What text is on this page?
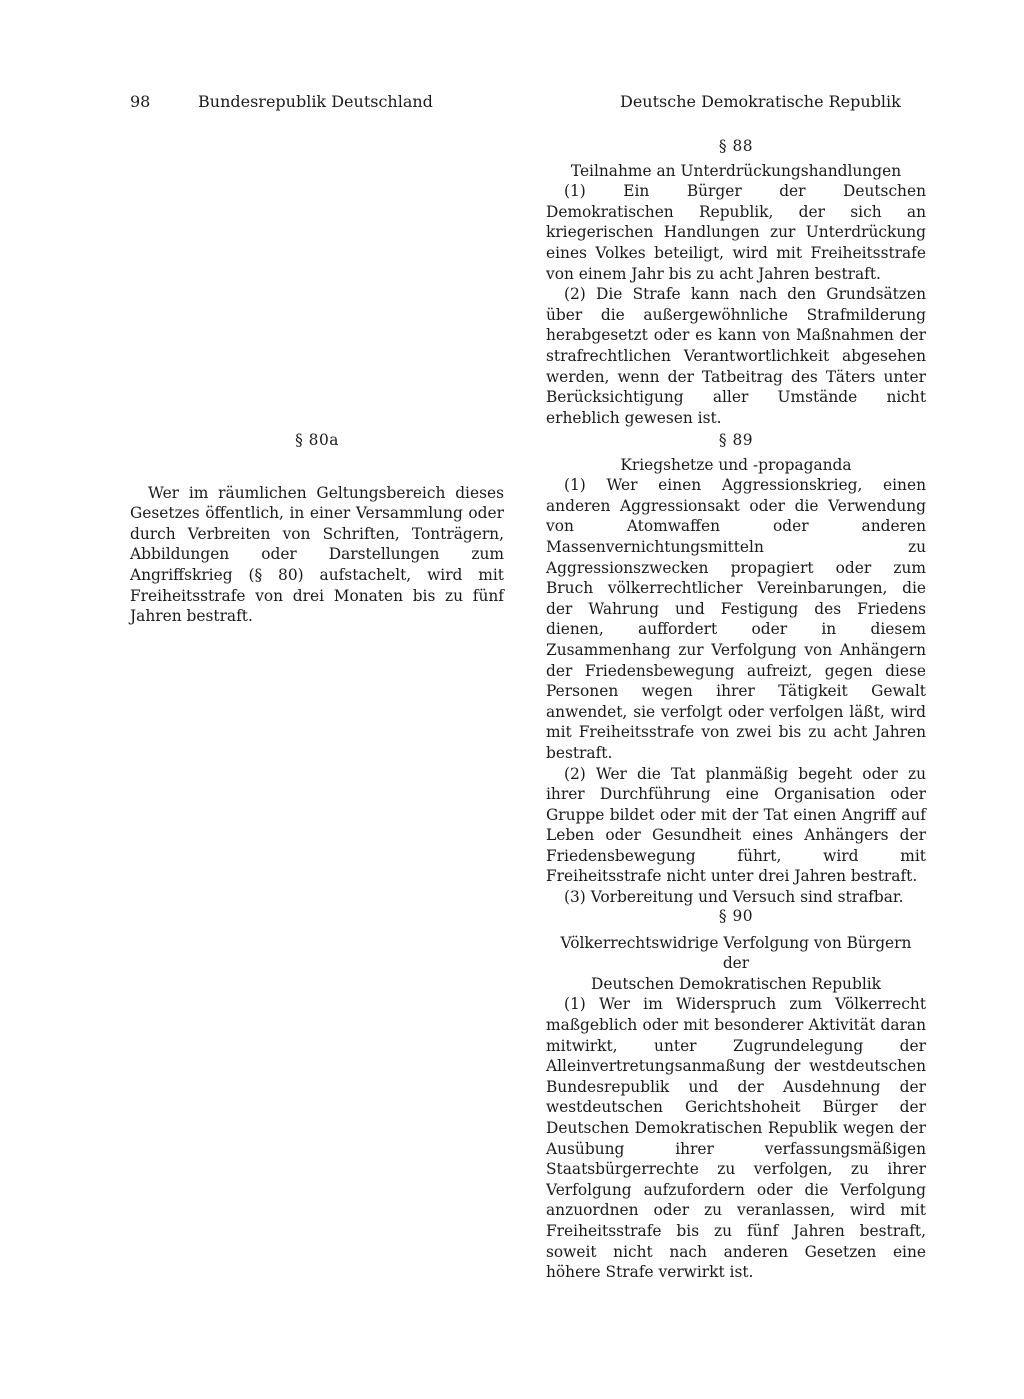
98	Bundesrepublik Deutschland	Deutsche Demokratische Republik

§ 88

Teilnahme an Unterdrückungshandlungen

(1) Ein Bürger der Deutschen Demokratischen Republik, der sich an kriegerischen Handlungen zur Unterdrückung eines Volkes beteiligt, wird mit Freiheitsstrafe von einem Jahr bis zu acht Jahren bestraft.

(2) Die Strafe kann nach den Grundsätzen über die außergewöhnliche Strafmilderung herabgesetzt oder es kann von Maßnahmen der strafrechtlichen Verantwortlichkeit abgesehen werden, wenn der Tatbeitrag des Täters unter Berücksichtigung aller Umstände nicht erheblich gewesen ist.

§ 80a

Wer im räumlichen Geltungsbereich dieses Gesetzes öffentlich, in einer Versammlung oder durch Verbreiten von Schriften, Tonträgern, Abbildungen oder Darstellungen zum Angriffskrieg (§ 80) aufstachelt, wird mit Freiheitsstrafe von drei Monaten bis zu fünf Jahren bestraft.

§ 89

Kriegshetze und -propaganda

(1) Wer einen Aggressionskrieg, einen anderen Aggressionsakt oder die Verwendung von Atomwaffen oder anderen Massenvernichtungsmitteln zu Aggressionszwecken propagiert oder zum Bruch völkerrechtlicher Vereinbarungen, die der Wahrung und Festigung des Friedens dienen, auffordert oder in diesem Zusammenhang zur Verfolgung von Anhängern der Friedensbewegung aufreizt, gegen diese Personen wegen ihrer Tätigkeit Gewalt anwendet, sie verfolgt oder verfolgen läßt, wird mit Freiheitsstrafe von zwei bis zu acht Jahren bestraft.

(2) Wer die Tat planmäßig begeht oder zu ihrer Durchführung eine Organisation oder Gruppe bildet oder mit der Tat einen Angriff auf Leben oder Gesundheit eines Anhängers der Friedensbewegung führt, wird mit Freiheitsstrafe nicht unter drei Jahren bestraft.

(3) Vorbereitung und Versuch sind strafbar.

§ 90

Völkerrechtswidrige Verfolgung von Bürgern der

Deutschen Demokratischen Republik

(1) Wer im Widerspruch zum Völkerrecht maßgeblich oder mit besonderer Aktivität daran mitwirkt, unter Zugrundelegung der Alleinvertretungsanmaßung der westdeutschen Bundesrepublik und der Ausdehnung der westdeutschen Gerichtshoheit Bürger der Deutschen Demokratischen Republik wegen der Ausübung ihrer verfassungsmäßigen Staatsbürgerrechte zu verfolgen, zu ihrer Verfolgung aufzufordern oder die Verfolgung anzuordnen oder zu veranlassen, wird mit Freiheitsstrafe bis zu fünf Jahren bestraft, soweit nicht nach anderen Gesetzen eine höhere Strafe verwirkt ist.
